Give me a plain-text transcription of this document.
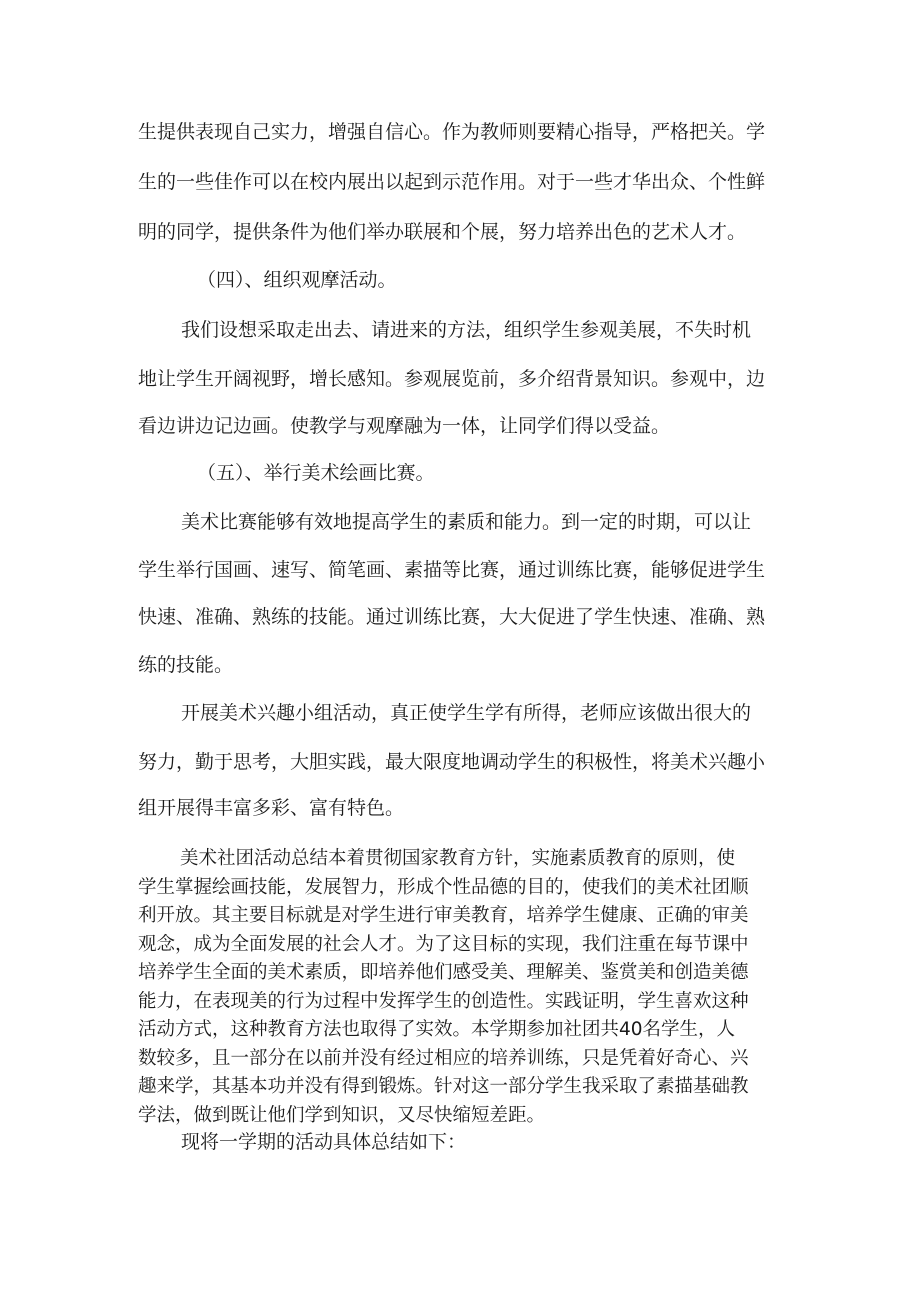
生提供表现自己实力，增强自信心。作为教师则要精心指导，严格把关。学

生的一些佳作可以在校内展出以起到示范作用。对于一些才华出众、个性鲜

明的同学，提供条件为他们举办联展和个展，努力培养出色的艺术人才。

（四）、组织观摩活动。

我们设想采取走出去、请进来的方法，组织学生参观美展，不失时机

地让学生开阔视野，增长感知。参观展览前，多介绍背景知识。参观中，边

看边讲边记边画。使教学与观摩融为一体，让同学们得以受益。

（五）、举行美术绘画比赛。

美术比赛能够有效地提高学生的素质和能力。到一定的时期，可以让

学生举行国画、速写、简笔画、素描等比赛，通过训练比赛，能够促进学生

快速、准确、熟练的技能。通过训练比赛，大大促进了学生快速、准确、熟

练的技能。

开展美术兴趣小组活动，真正使学生学有所得，老师应该做出很大的

努力，勤于思考，大胆实践，最大限度地调动学生的积极性，将美术兴趣小

组开展得丰富多彩、富有特色。

美术社团活动总结本着贯彻国家教育方针，实施素质教育的原则，使
学生掌握绘画技能，发展智力，形成个性品德的目的，使我们的美术社团顺
利开放。其主要目标就是对学生进行审美教育，培养学生健康、正确的审美
观念，成为全面发展的社会人才。为了这目标的实现，我们注重在每节课中
培养学生全面的美术素质，即培养他们感受美、理解美、鉴赏美和创造美德
能力，在表现美的行为过程中发挥学生的创造性。实践证明，学生喜欢这种
活动方式，这种教育方法也取得了实效。本学期参加社团共40名学生，人
数较多，且一部分在以前并没有经过相应的培养训练，只是凭着好奇心、兴
趣来学，其基本功并没有得到锻炼。针对这一部分学生我采取了素描基础教
学法，做到既让他们学到知识，又尽快缩短差距。

现将一学期的活动具体总结如下：
